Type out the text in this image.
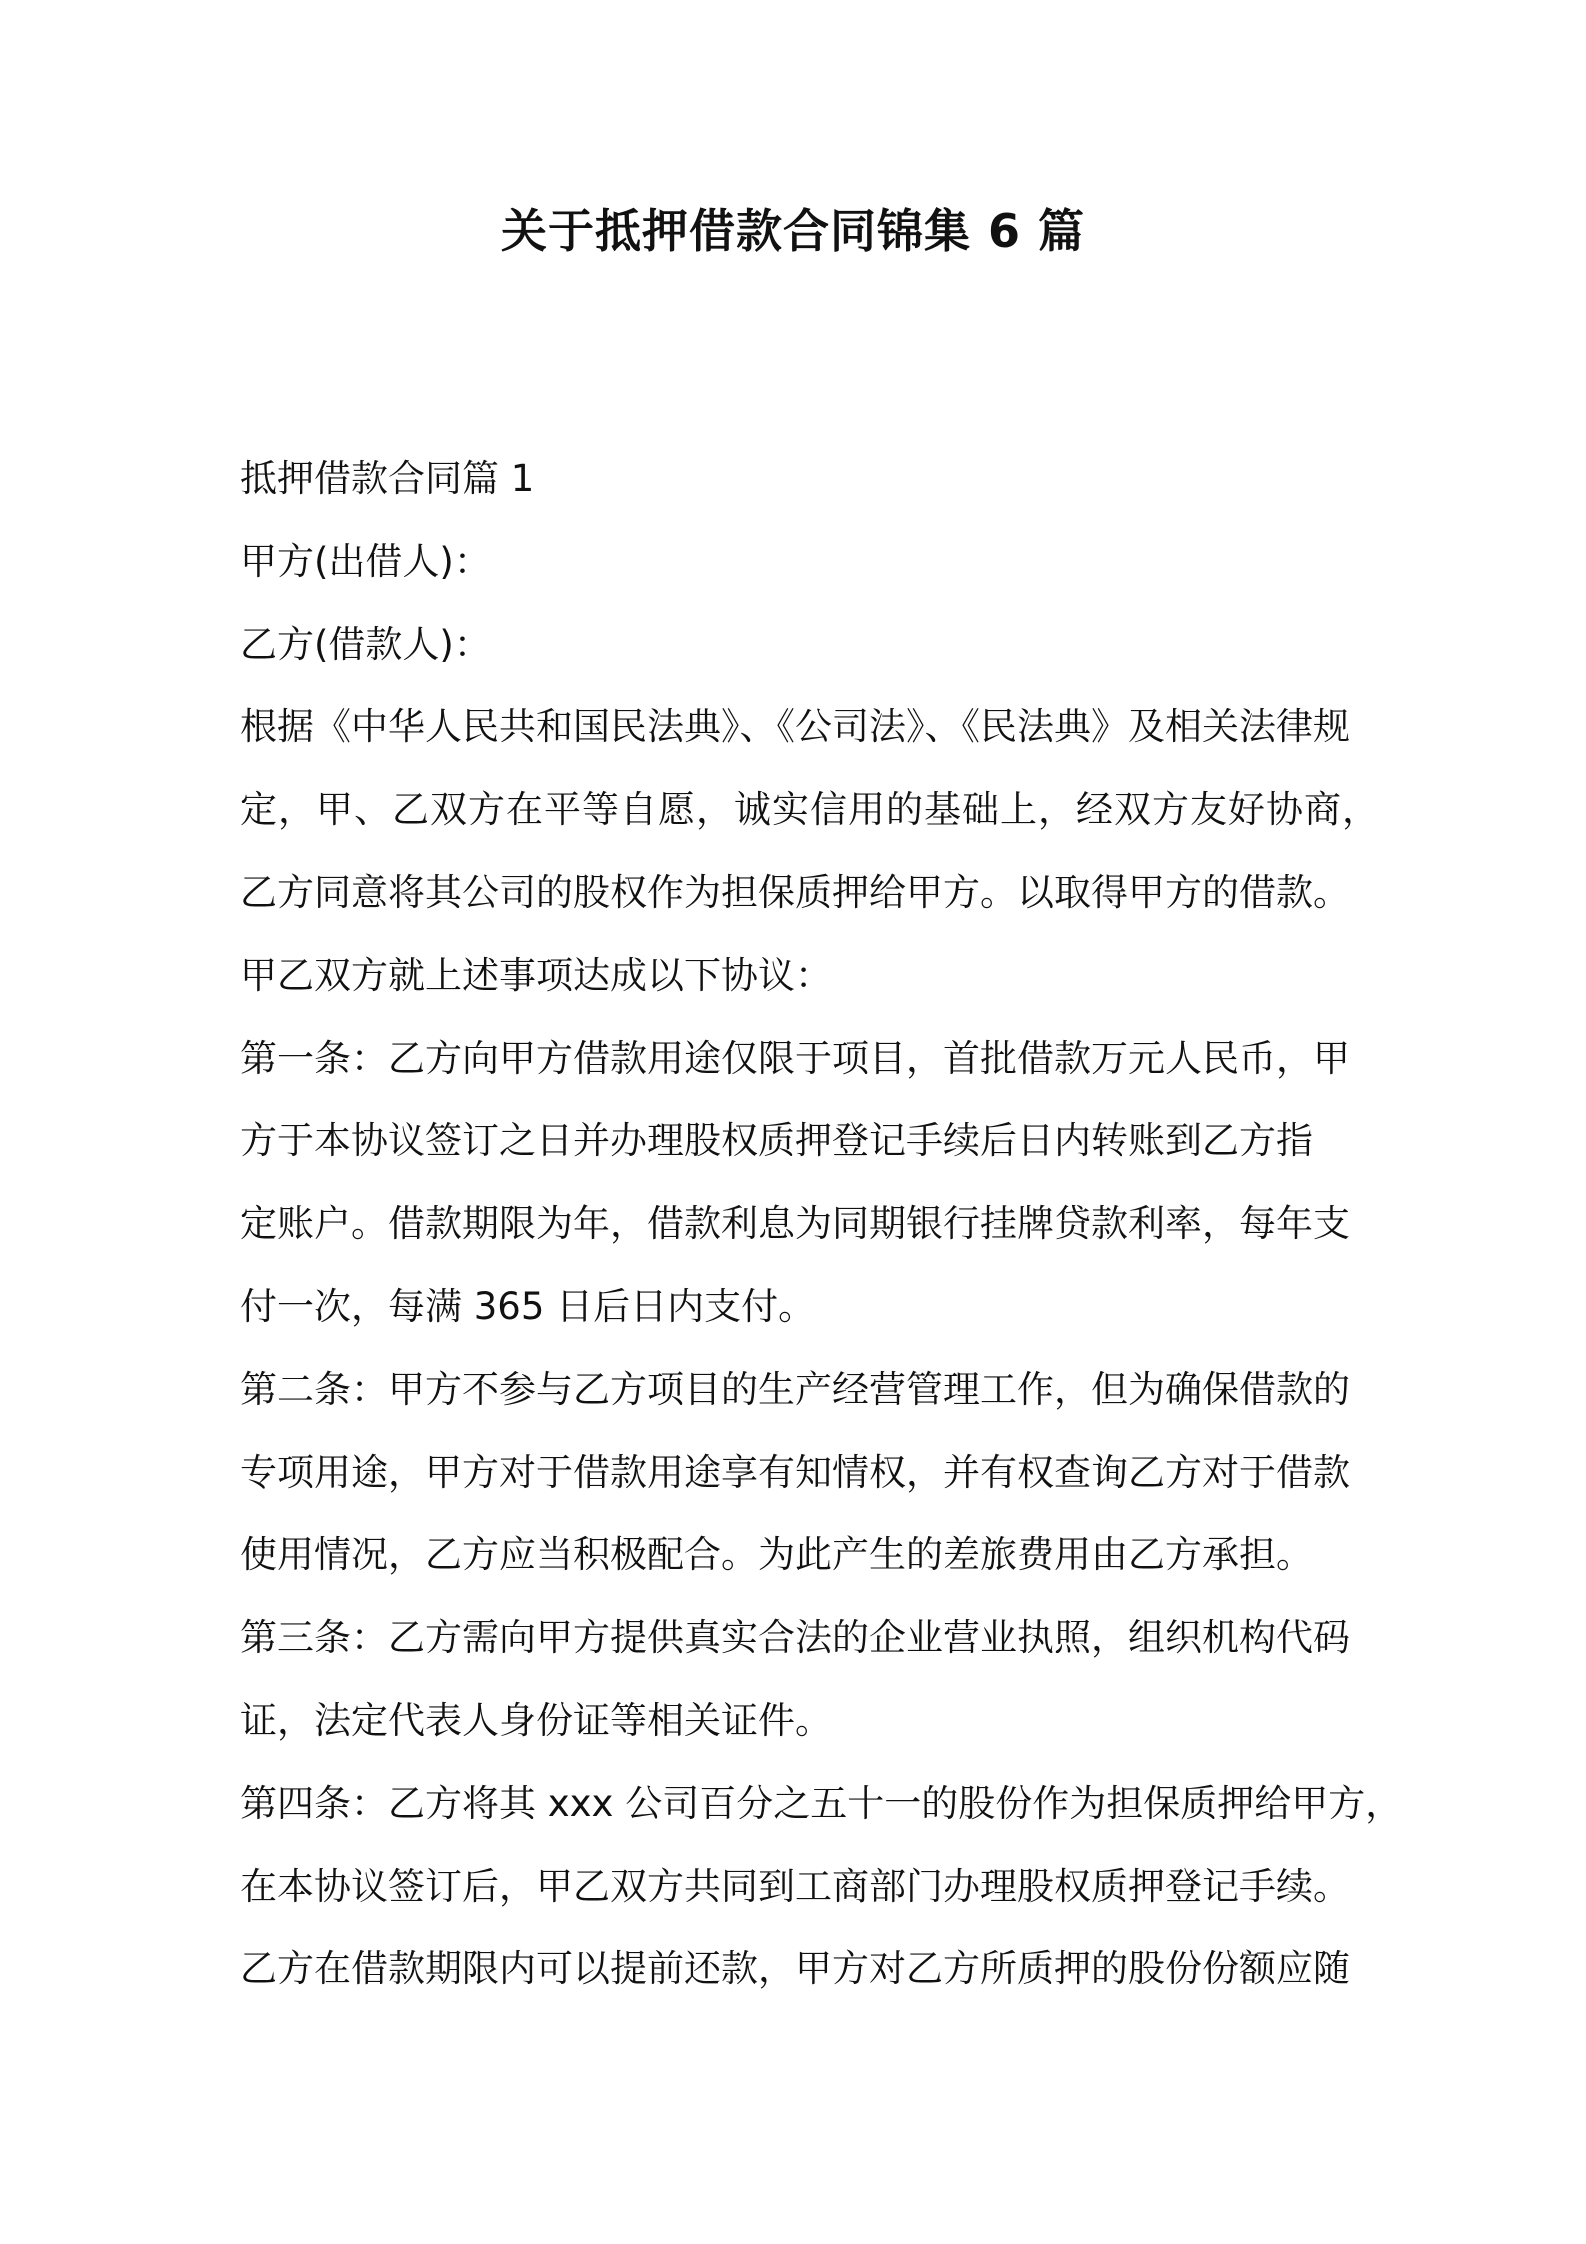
关于抵押借款合同锦集 6 篇

抵押借款合同篇 1

甲方(出借人)：

乙方(借款人)：

根据《中华人民共和国民法典》、《公司法》、《民法典》及相关法律规

定，甲、乙双方在平等自愿，诚实信用的基础上，经双方友好协商，

乙方同意将其公司的股权作为担保质押给甲方。以取得甲方的借款。

甲乙双方就上述事项达成以下协议：

第一条：乙方向甲方借款用途仅限于项目，首批借款万元人民币，甲

方于本协议签订之日并办理股权质押登记手续后日内转账到乙方指

定账户。借款期限为年，借款利息为同期银行挂牌贷款利率，每年支

付一次，每满 365 日后日内支付。

第二条：甲方不参与乙方项目的生产经营管理工作，但为确保借款的

专项用途，甲方对于借款用途享有知情权，并有权查询乙方对于借款

使用情况，乙方应当积极配合。为此产生的差旅费用由乙方承担。

第三条：乙方需向甲方提供真实合法的企业营业执照，组织机构代码

证，法定代表人身份证等相关证件。

第四条：乙方将其 xxx 公司百分之五十一的股份作为担保质押给甲方，

在本协议签订后，甲乙双方共同到工商部门办理股权质押登记手续。

乙方在借款期限内可以提前还款，甲方对乙方所质押的股份份额应随
